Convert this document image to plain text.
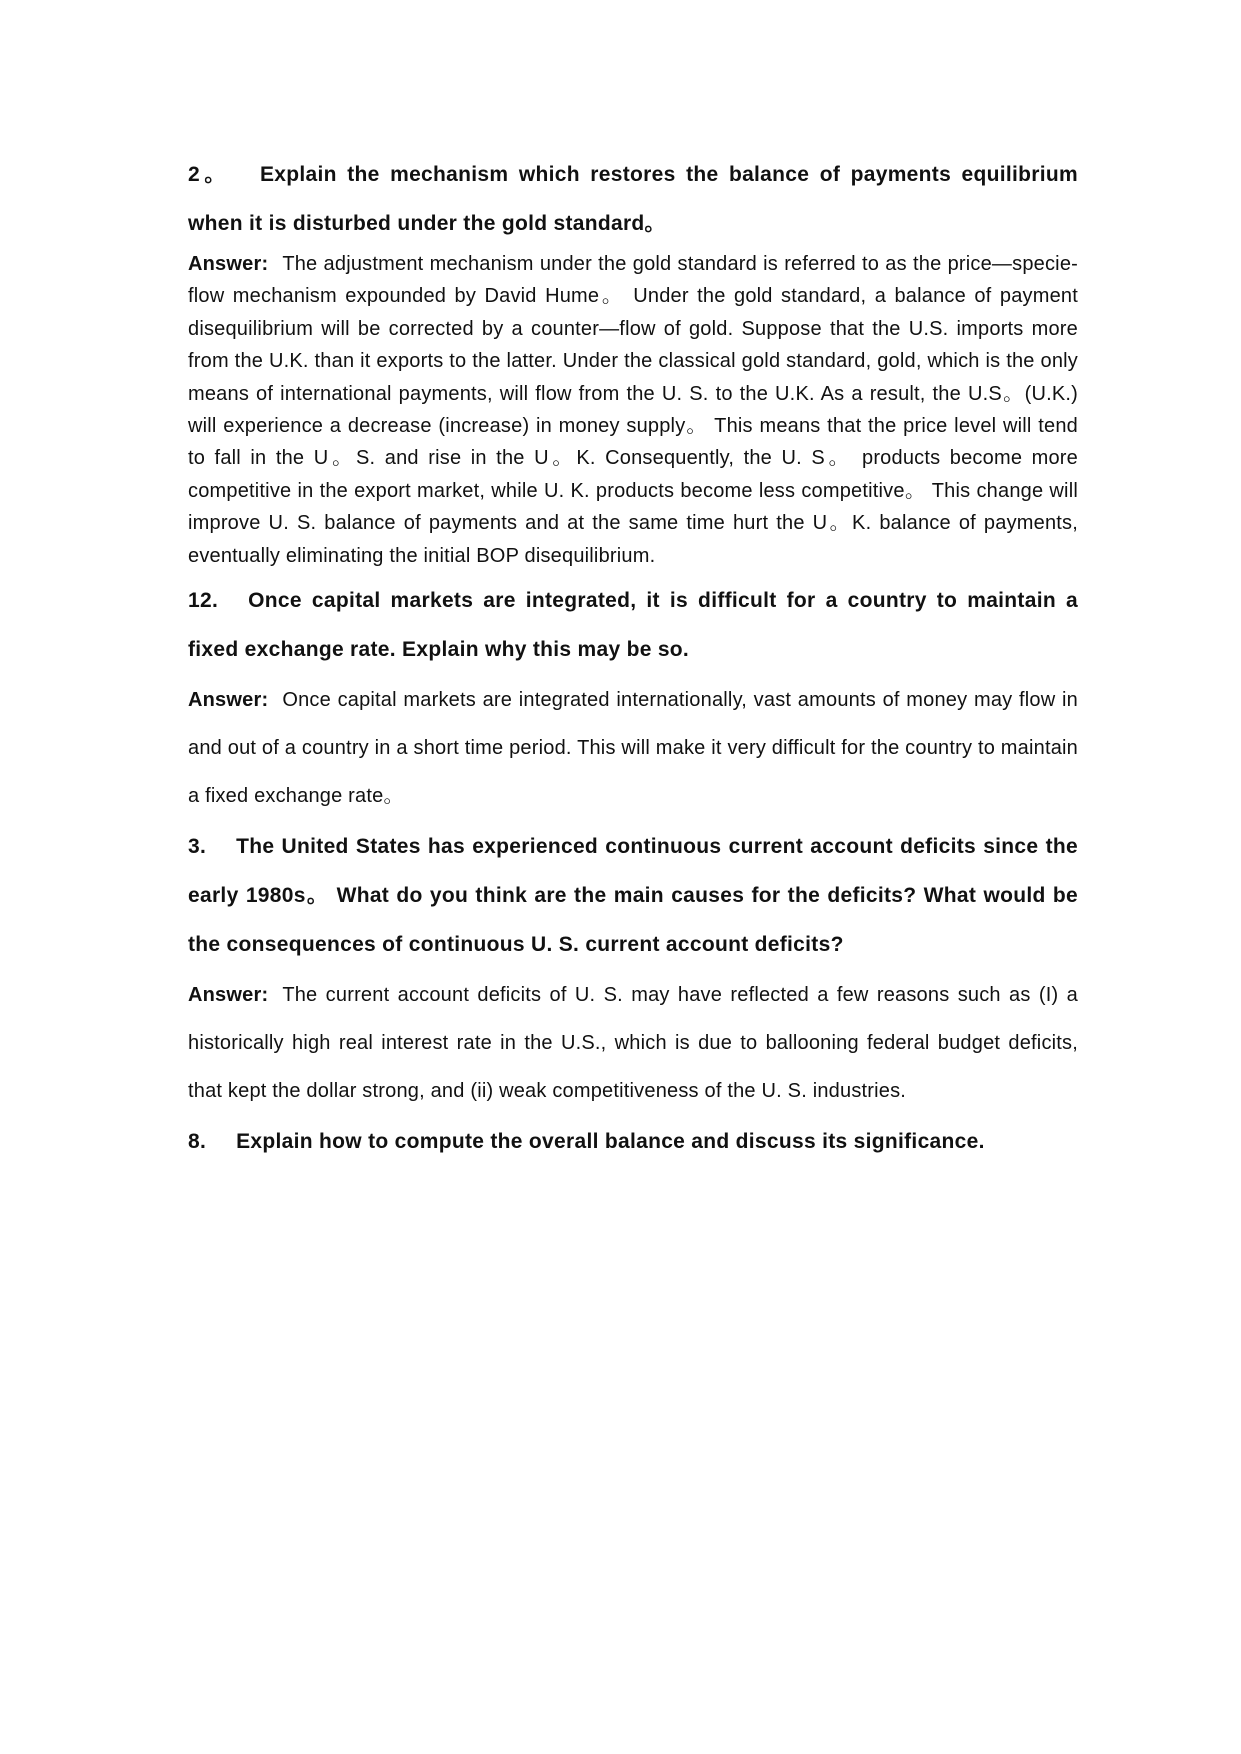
2。 Explain the mechanism which restores the balance of payments equilibrium when it is disturbed under the gold standard。

Answer: The adjustment mechanism under the gold standard is referred to as the price—specie-flow mechanism expounded by David Hume。 Under the gold standard, a balance of payment disequilibrium will be corrected by a counter—flow of gold. Suppose that the U.S. imports more from the U.K. than it exports to the latter. Under the classical gold standard, gold, which is the only means of international payments, will flow from the U. S. to the U.K. As a result, the U.S。(U.K.) will experience a decrease (increase) in money supply。 This means that the price level will tend to fall in the U。S. and rise in the U。K. Consequently, the U. S。 products become more competitive in the export market, while U. K. products become less competitive。 This change will improve U. S. balance of payments and at the same time hurt the U。K. balance of payments, eventually eliminating the initial BOP disequilibrium.

12. Once capital markets are integrated, it is difficult for a country to maintain a fixed exchange rate. Explain why this may be so.

Answer: Once capital markets are integrated internationally, vast amounts of money may flow in and out of a country in a short time period. This will make it very difficult for the country to maintain a fixed exchange rate。

3. The United States has experienced continuous current account deficits since the early 1980s。 What do you think are the main causes for the deficits? What would be the consequences of continuous U. S. current account deficits?

Answer: The current account deficits of U. S. may have reflected a few reasons such as (I) a historically high real interest rate in the U.S., which is due to ballooning federal budget deficits, that kept the dollar strong, and (ii) weak competitiveness of the U. S. industries.

8. Explain how to compute the overall balance and discuss its significance.
